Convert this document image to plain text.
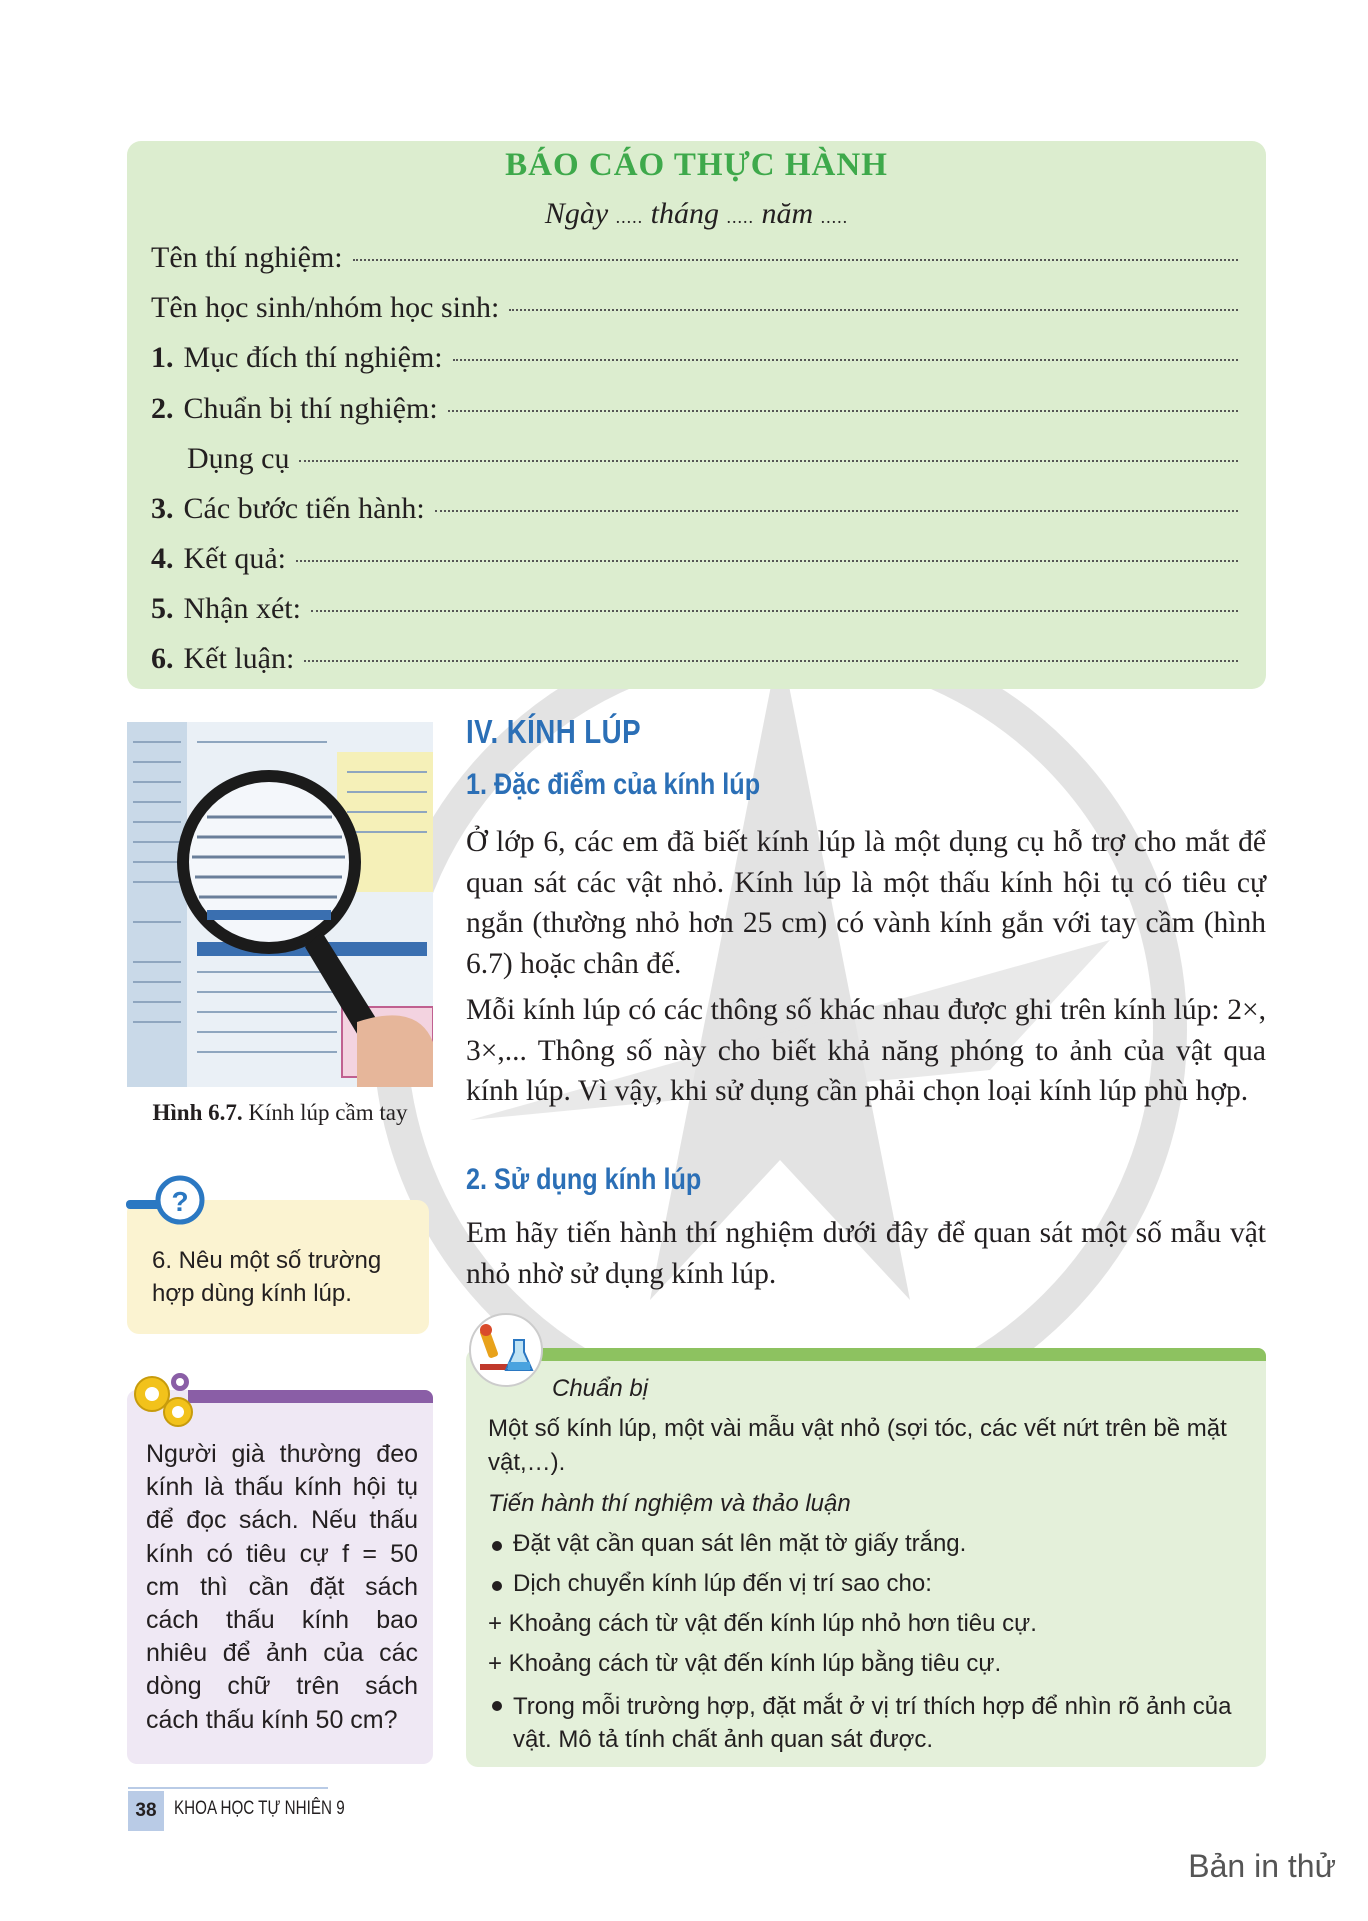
BÁO CÁO THỰC HÀNH
Ngày ..... tháng ..... năm .....
Tên thí nghiệm:
Tên học sinh/nhóm học sinh:
1. Mục đích thí nghiệm:
2. Chuẩn bị thí nghiệm:
Dụng cụ
3. Các bước tiến hành:
4. Kết quả:
5. Nhận xét:
6. Kết luận:
Hình 6.7. Kính lúp cầm tay
?
6. Nêu một số trường hợp dùng kính lúp.
Người già thường đeo kính là thấu kính hội tụ để đọc sách. Nếu thấu kính có tiêu cự f = 50 cm thì cần đặt sách cách thấu kính bao nhiêu để ảnh của các dòng chữ trên sách cách thấu kính 50 cm?
IV. KÍNH LÚP
1. Đặc điểm của kính lúp
Ở lớp 6, các em đã biết kính lúp là một dụng cụ hỗ trợ cho mắt để quan sát các vật nhỏ. Kính lúp là một thấu kính hội tụ có tiêu cự ngắn (thường nhỏ hơn 25 cm) có vành kính gắn với tay cầm (hình 6.7) hoặc chân đế.
Mỗi kính lúp có các thông số khác nhau được ghi trên kính lúp: 2×, 3×,... Thông số này cho biết khả năng phóng to ảnh của vật qua kính lúp. Vì vậy, khi sử dụng cần phải chọn loại kính lúp phù hợp.
2. Sử dụng kính lúp
Em hãy tiến hành thí nghiệm dưới đây để quan sát một số mẫu vật nhỏ nhờ sử dụng kính lúp.
Chuẩn bị
Một số kính lúp, một vài mẫu vật nhỏ (sợi tóc, các vết nứt trên bề mặt vật,…).
Tiến hành thí nghiệm và thảo luận
Đặt vật cần quan sát lên mặt tờ giấy trắng.
Dịch chuyển kính lúp đến vị trí sao cho:
+ Khoảng cách từ vật đến kính lúp nhỏ hơn tiêu cự.
+ Khoảng cách từ vật đến kính lúp bằng tiêu cự.
Trong mỗi trường hợp, đặt mắt ở vị trí thích hợp để nhìn rõ ảnh của vật. Mô tả tính chất ảnh quan sát được.
38 KHOA HỌC TỰ NHIÊN 9
Bản in thử
